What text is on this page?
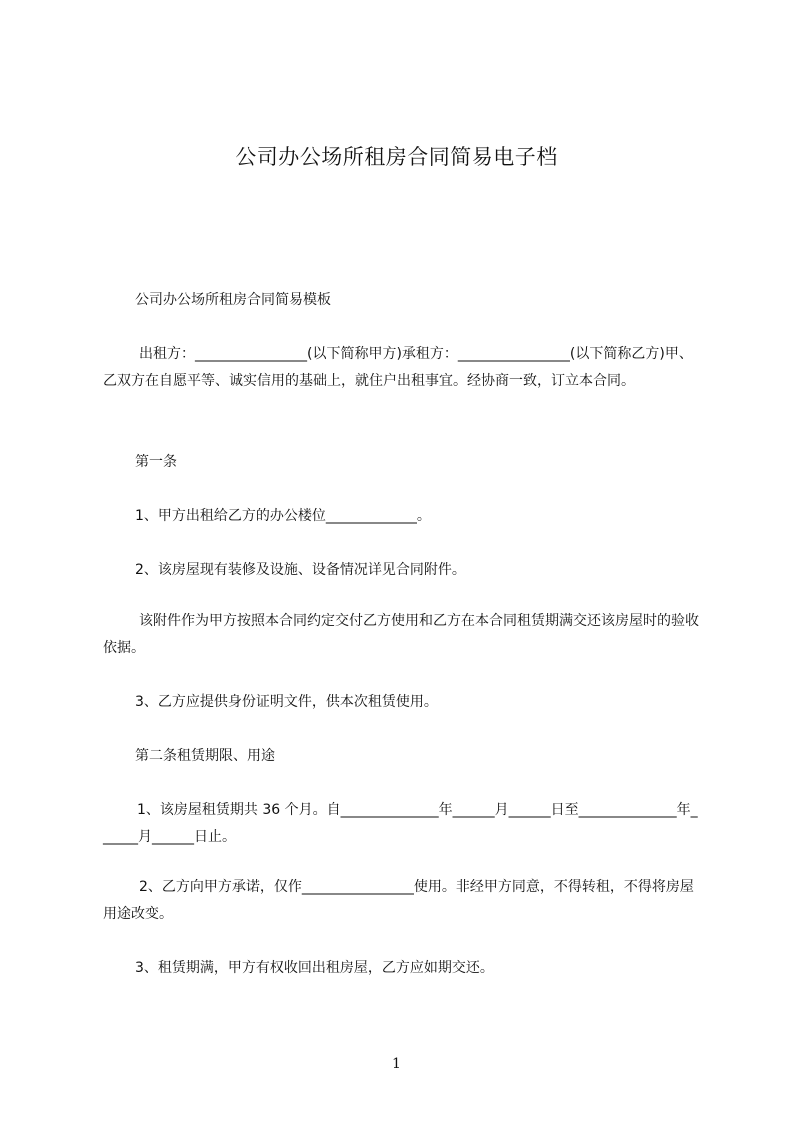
公司办公场所租房合同简易电子档

公司办公场所租房合同简易模板

出租方：________________(以下简称甲方)承租方：________________(以下简称乙方)甲、乙双方在自愿平等、诚实信用的基础上，就住户出租事宜。经协商一致，订立本合同。

第一条

1、甲方出租给乙方的办公楼位_____________。

2、该房屋现有装修及设施、设备情况详见合同附件。

该附件作为甲方按照本合同约定交付乙方使用和乙方在本合同租赁期满交还该房屋时的验收依据。

3、乙方应提供身份证明文件，供本次租赁使用。

第二条租赁期限、用途

1、该房屋租赁期共 36 个月。自______________年______月______日至______________年______月______日止。

2、乙方向甲方承诺，仅作________________使用。非经甲方同意，不得转租，不得将房屋用途改变。

3、租赁期满，甲方有权收回出租房屋，乙方应如期交还。

1
